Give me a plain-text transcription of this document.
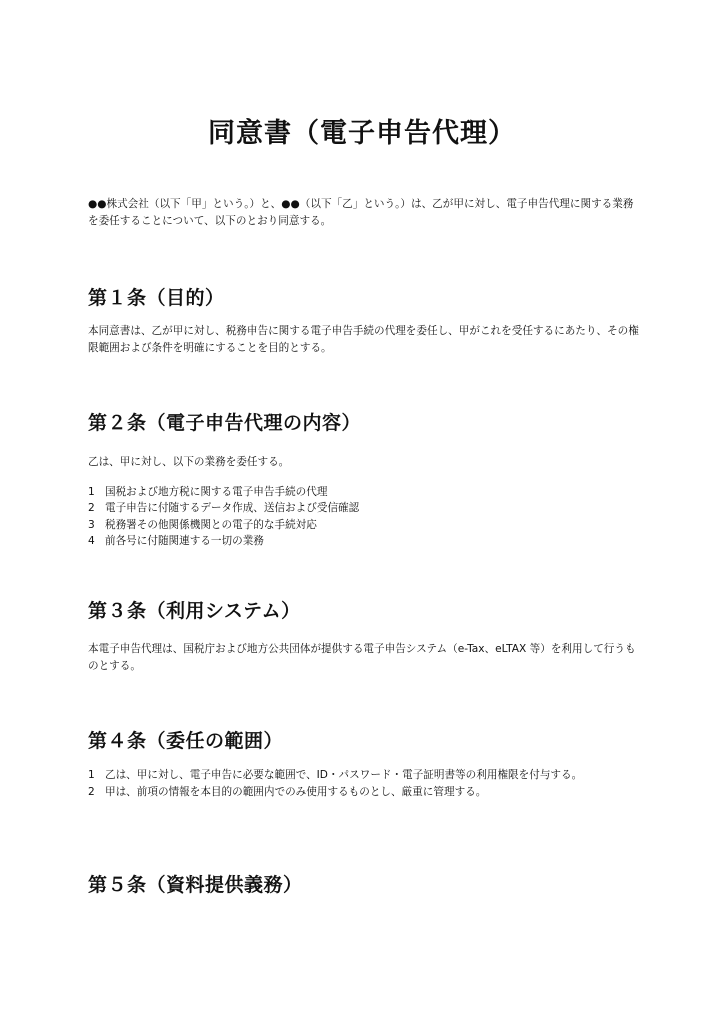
同意書（電子申告代理）

●●株式会社（以下「甲」という。）と、●●（以下「乙」という。）は、乙が甲に対し、電子申告代理に関する業務を委任することについて、以下のとおり同意する。

第１条（目的）

本同意書は、乙が甲に対し、税務申告に関する電子申告手続の代理を委任し、甲がこれを受任するにあたり、その権限範囲および条件を明確にすることを目的とする。

第２条（電子申告代理の内容）

乙は、甲に対し、以下の業務を委任する。

1 国税および地方税に関する電子申告手続の代理
2 電子申告に付随するデータ作成、送信および受信確認
3 税務署その他関係機関との電子的な手続対応
4 前各号に付随関連する一切の業務
第３条（利用システム）

本電子申告代理は、国税庁および地方公共団体が提供する電子申告システム（e-Tax、eLTAX 等）を利用して行うものとする。

第４条（委任の範囲）
1 乙は、甲に対し、電子申告に必要な範囲で、ID・パスワード・電子証明書等の利用権限を付与する。
2 甲は、前項の情報を本目的の範囲内でのみ使用するものとし、厳重に管理する。
第５条（資料提供義務）
